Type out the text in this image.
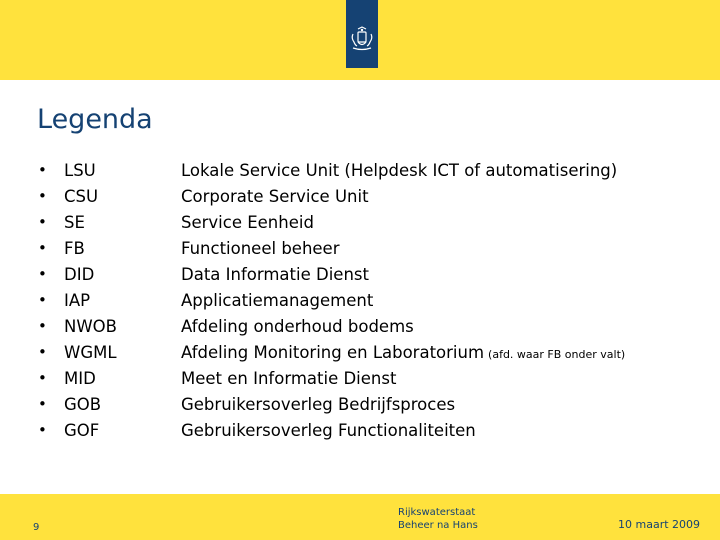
Legenda
• LSU	Lokale Service Unit (Helpdesk ICT of automatisering)
• CSU	Corporate Service Unit
• SE	Service Eenheid
• FB	Functioneel beheer
• DID	Data Informatie Dienst
• IAP	Applicatiemanagement
• NWOB	Afdeling onderhoud bodems
• WGML	Afdeling Monitoring en Laboratorium (afd. waar FB onder valt)
• MID	Meet en Informatie Dienst
• GOB	Gebruikersoverleg Bedrijfsproces
• GOF	Gebruikersoverleg Functionaliteiten
9
Rijkswaterstaat
Beheer na Hans	10 maart 2009
